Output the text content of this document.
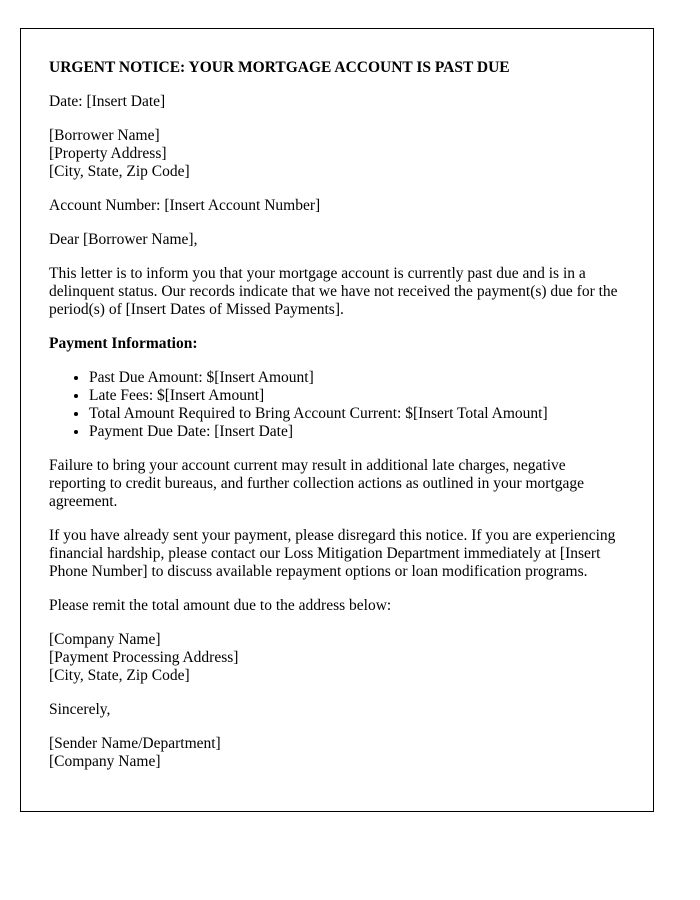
URGENT NOTICE: YOUR MORTGAGE ACCOUNT IS PAST DUE
Date: [Insert Date]
[Borrower Name]
[Property Address]
[City, State, Zip Code]
Account Number: [Insert Account Number]
Dear [Borrower Name],
This letter is to inform you that your mortgage account is currently past due and is in a delinquent status. Our records indicate that we have not received the payment(s) due for the period(s) of [Insert Dates of Missed Payments].
Payment Information:
• Past Due Amount: $[Insert Amount]
• Late Fees: $[Insert Amount]
• Total Amount Required to Bring Account Current: $[Insert Total Amount]
• Payment Due Date: [Insert Date]
Failure to bring your account current may result in additional late charges, negative reporting to credit bureaus, and further collection actions as outlined in your mortgage agreement.
If you have already sent your payment, please disregard this notice. If you are experiencing financial hardship, please contact our Loss Mitigation Department immediately at [Insert Phone Number] to discuss available repayment options or loan modification programs.
Please remit the total amount due to the address below:
[Company Name]
[Payment Processing Address]
[City, State, Zip Code]
Sincerely,
[Sender Name/Department]
[Company Name]
